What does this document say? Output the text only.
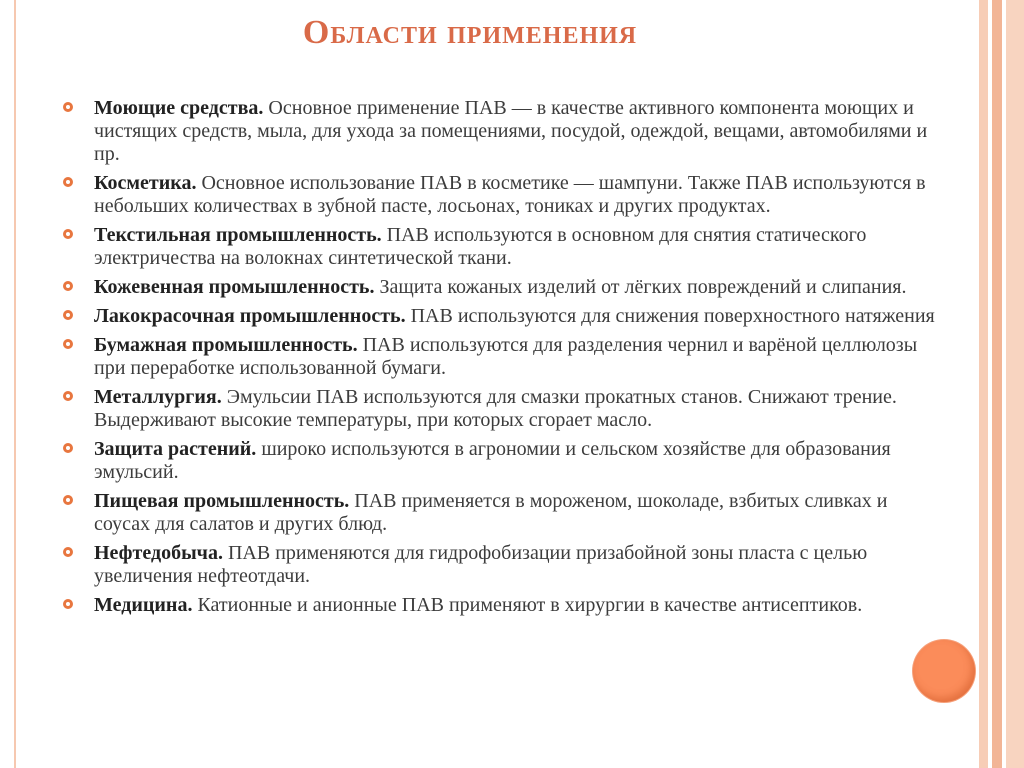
Области применения
Моющие средства. Основное применение ПАВ — в качестве активного компонента моющих и чистящих средств, мыла, для ухода за помещениями, посудой, одеждой, вещами, автомобилями и пр.
Косметика. Основное использование ПАВ в косметике — шампуни. Также ПАВ используются в небольших количествах в зубной пасте, лосьонах, тониках и других продуктах.
Текстильная промышленность. ПАВ используются в основном для снятия статического электричества на волокнах синтетической ткани.
Кожевенная промышленность. Защита кожаных изделий от лёгких повреждений и слипания.
Лакокрасочная промышленность. ПАВ используются для снижения поверхностного натяжения
Бумажная промышленность. ПАВ используются для разделения чернил и варёной целлюлозы при переработке использованной бумаги.
Металлургия. Эмульсии ПАВ используются для смазки прокатных станов. Снижают трение. Выдерживают высокие температуры, при которых сгорает масло.
Защита растений. широко используются в агрономии и сельском хозяйстве для образования эмульсий.
Пищевая промышленность. ПАВ применяется в мороженом, шоколаде, взбитых сливках и соусах для салатов и других блюд.
Нефтедобыча. ПАВ применяются для гидрофобизации призабойной зоны пласта с целью увеличения нефтеотдачи.
Медицина. Катионные и анионные ПАВ применяют в хирургии в качестве антисептиков.
